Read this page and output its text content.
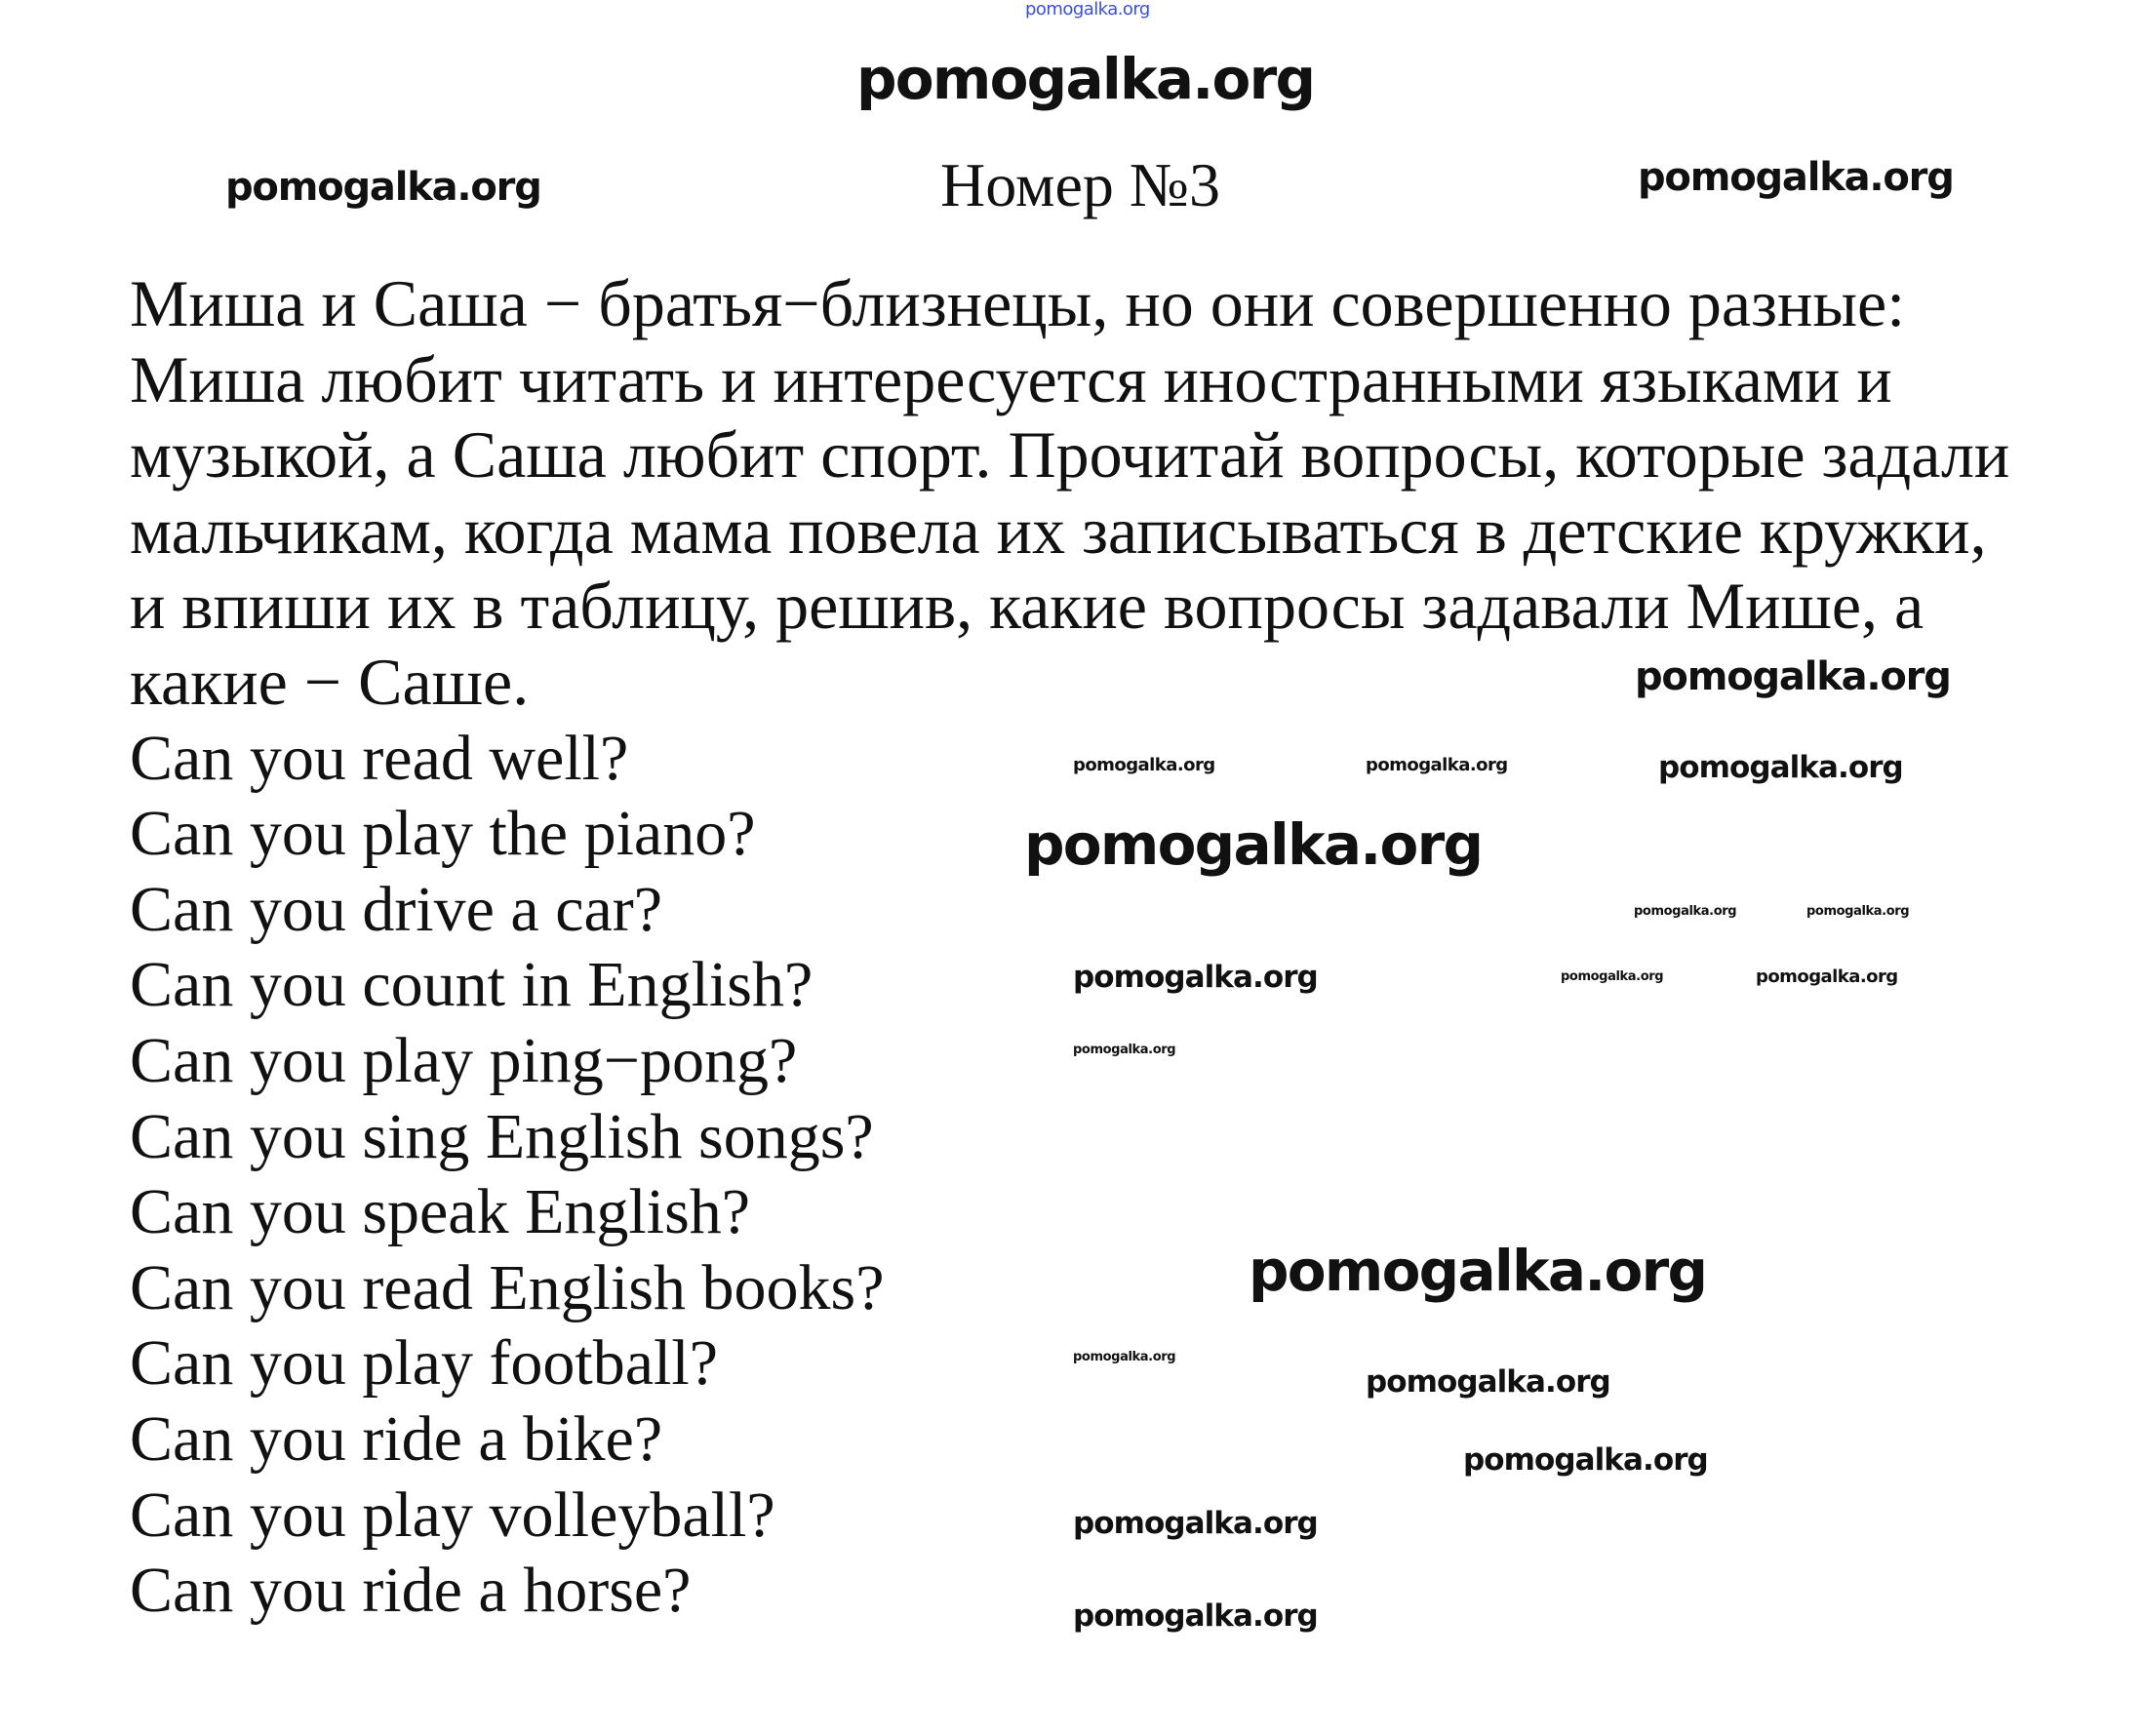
pomogalka.org
Номер №3
Миша и Саша − братья−близнецы, но они совершенно разные:
Миша любит читать и интересуется иностранными языками и
музыкой, а Саша любит спорт. Прочитай вопросы, которые задали
мальчикам, когда мама повела их записываться в детские кружки,
и впиши их в таблицу, решив, какие вопросы задавали Мише, а
какие − Саше.
Can you read well?
Can you play the piano?
Can you drive a car?
Can you count in English?
Can you play ping−pong?
Can you sing English songs?
Can you speak English?
Can you read English books?
Can you play football?
Can you ride a bike?
Can you play volleyball?
Can you ride a horse?
pomogalka.org
pomogalka.org
pomogalka.org
pomogalka.org	pomogalka.org
pomogalka.org
pomogalka.org
pomogalka.org
pomogalka.org	pomogalka.org
pomogalka.org	pomogalka.org	pomogalka.org
pomogalka.org
pomogalka.org
pomogalka.org
pomogalka.org
pomogalka.org
pomogalka.org
pomogalka.org
